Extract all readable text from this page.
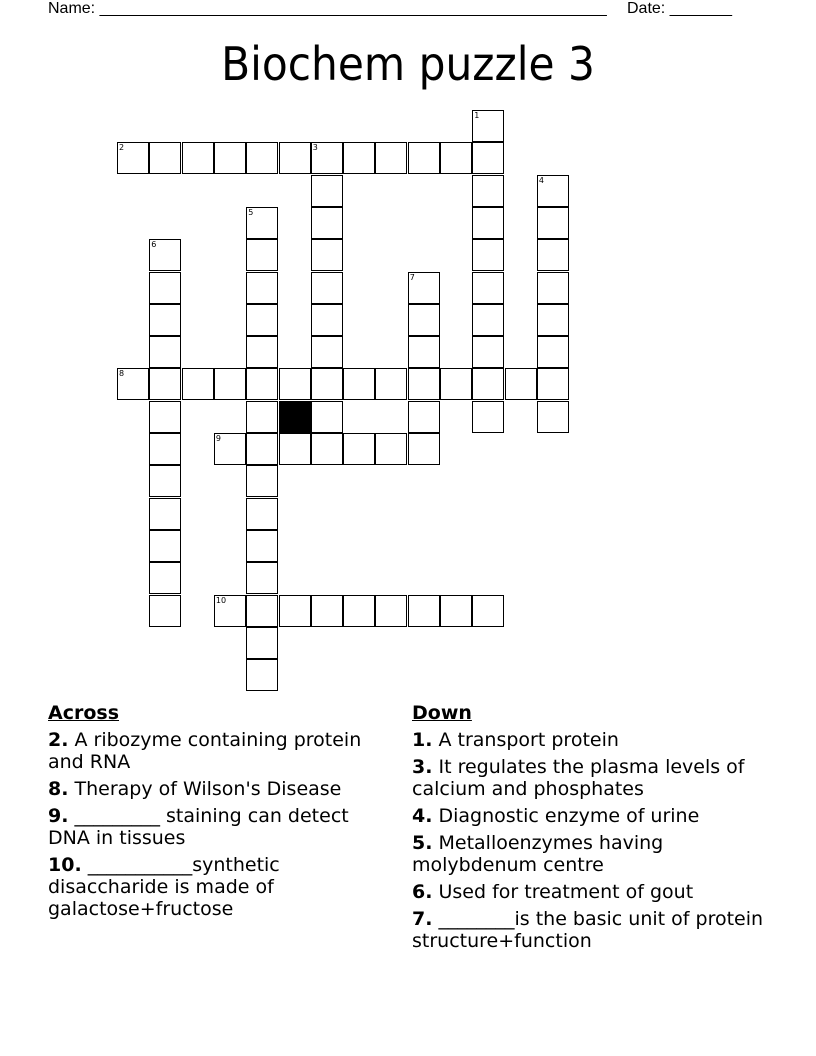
Name: _________________________________________________________ Date: _______
Biochem puzzle 3
1
2	3
4
5
6
7
8
9
10
Across
2. A ribozyme containing protein and RNA
8. Therapy of Wilson's Disease
9. _________ staining can detect DNA in tissues
10. ___________synthetic disaccharide is made of galactose+fructose
Down
1. A transport protein
3. It regulates the plasma levels of calcium and phosphates
4. Diagnostic enzyme of urine
5. Metalloenzymes having molybdenum centre
6. Used for treatment of gout
7. ________is the basic unit of protein structure+function
